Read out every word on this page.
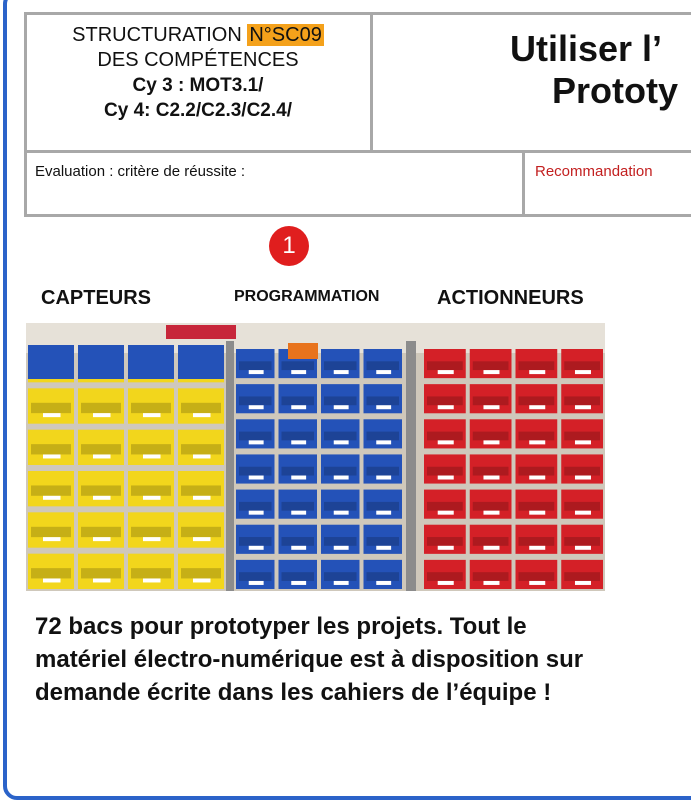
STRUCTURATION N°SC09
DES COMPÉTENCES
Cy 3 : MOT3.1/
Cy 4: C2.2/C2.3/C2.4/
Utiliser l’
Prototy
Evaluation : critère de réussite :	Recommandation
1
CAPTEURS	PROGRAMMATION	ACTIONNEURS
72 bacs pour prototyper les projets. Tout le matériel électro-numérique est à disposition sur demande écrite dans les cahiers de l’équipe !
